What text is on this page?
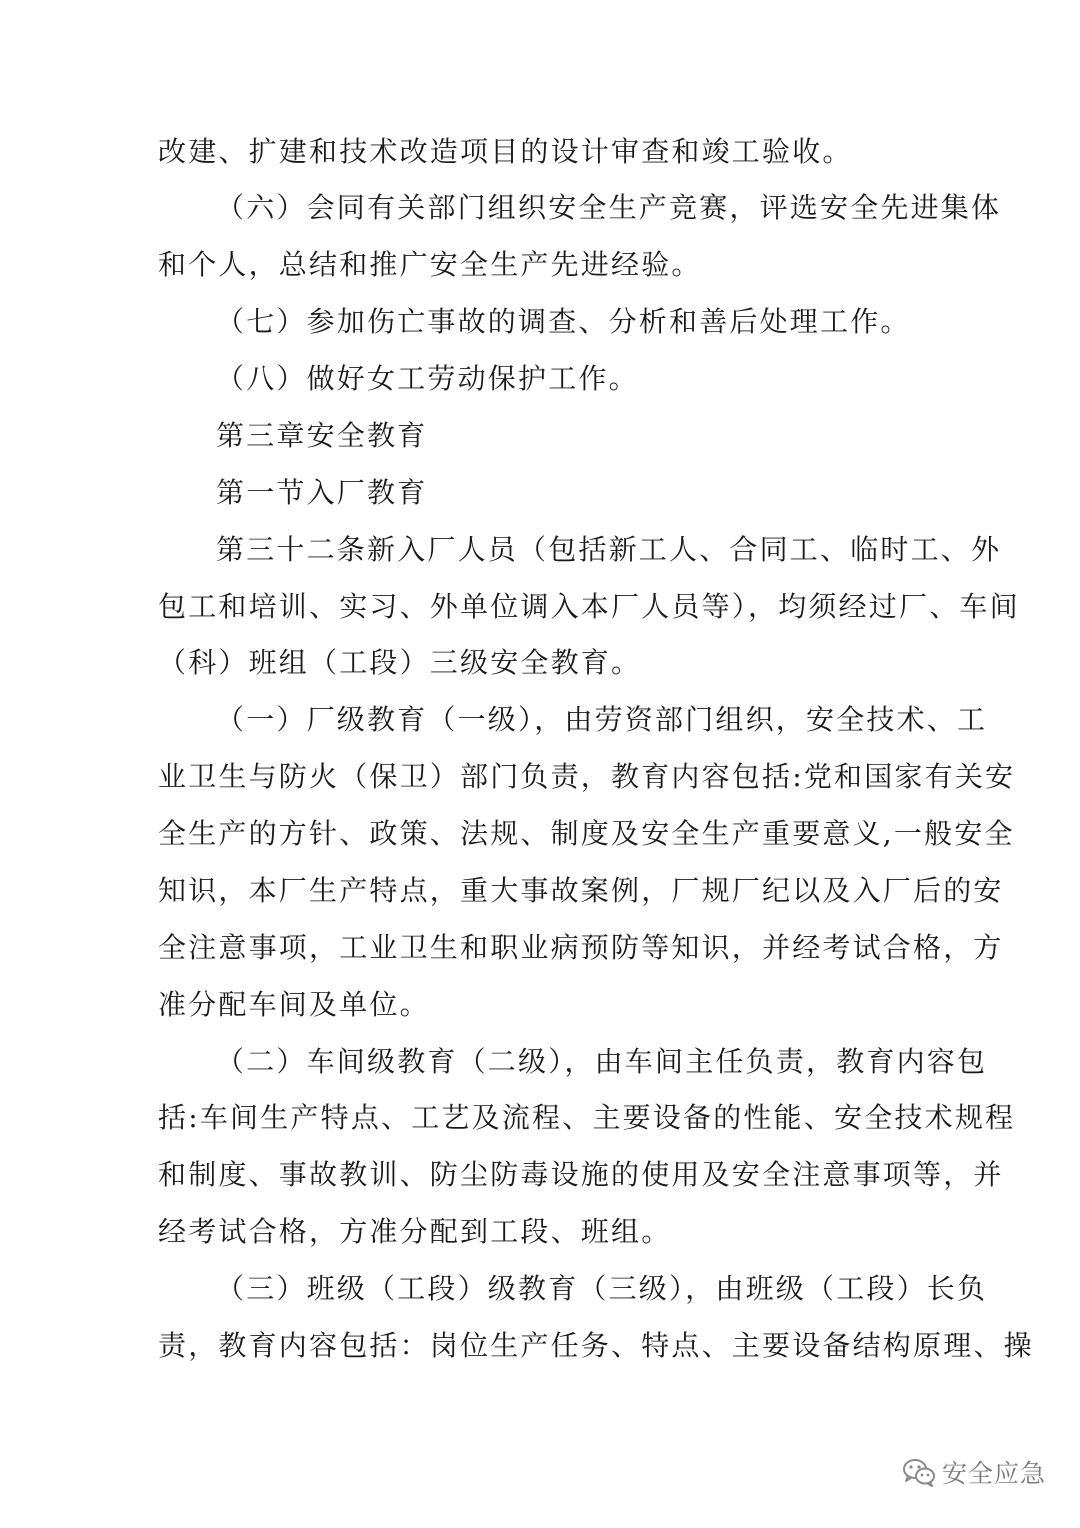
改建、扩建和技术改造项目的设计审查和竣工验收。
（六）会同有关部门组织安全生产竞赛，评选安全先进集体
和个人，总结和推广安全生产先进经验。
（七）参加伤亡事故的调查、分析和善后处理工作。
（八）做好女工劳动保护工作。
第三章安全教育
第一节入厂教育
第三十二条新入厂人员（包括新工人、合同工、临时工、外
包工和培训、实习、外单位调入本厂人员等），均须经过厂、车间
（科）班组（工段）三级安全教育。
（一）厂级教育（一级），由劳资部门组织，安全技术、工
业卫生与防火（保卫）部门负责，教育内容包括:党和国家有关安
全生产的方针、政策、法规、制度及安全生产重要意义,一般安全
知识，本厂生产特点，重大事故案例，厂规厂纪以及入厂后的安
全注意事项，工业卫生和职业病预防等知识，并经考试合格，方
准分配车间及单位。
（二）车间级教育（二级），由车间主任负责，教育内容包
括:车间生产特点、工艺及流程、主要设备的性能、安全技术规程
和制度、事故教训、防尘防毒设施的使用及安全注意事项等，并
经考试合格，方准分配到工段、班组。
（三）班级（工段）级教育（三级），由班级（工段）长负
责，教育内容包括：岗位生产任务、特点、主要设备结构原理、操
安全应急
